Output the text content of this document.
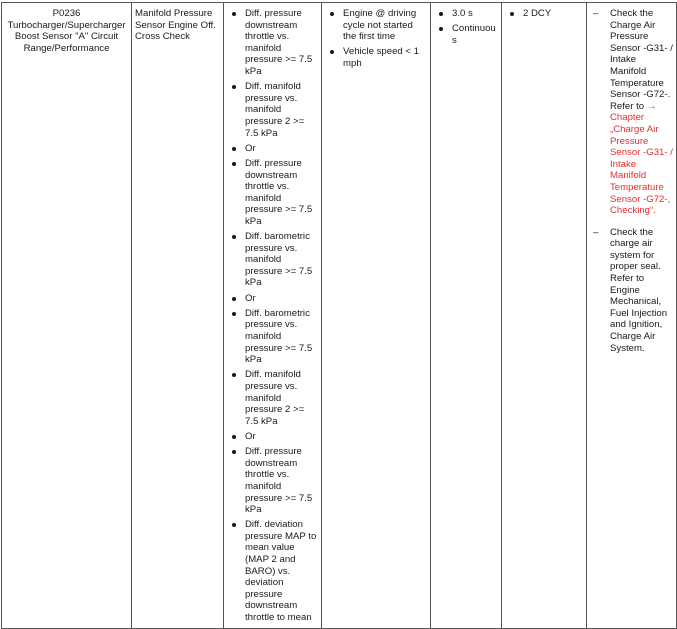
P0236
Turbocharger/Supercharger Boost Sensor "A" Circuit Range/Performance

Manifold Pressure Sensor Engine Off. Cross Check

Diff. pressure downstream throttle vs. manifold pressure >= 7.5 kPa
Diff. manifold pressure vs. manifold pressure 2 >= 7.5 kPa
Or
Diff. pressure downstream throttle vs. manifold pressure >= 7.5 kPa
Diff. barometric pressure vs. manifold pressure >= 7.5 kPa
Or
Diff. barometric pressure vs. manifold pressure >= 7.5 kPa
Diff. manifold pressure vs. manifold pressure 2 >= 7.5 kPa
Or
Diff. pressure downstream throttle vs. manifold pressure >= 7.5 kPa
Diff. deviation pressure MAP to mean value (MAP 2 and BARO) vs. deviation pressure downstream throttle to mean

Engine @ driving cycle not started the first time
Vehicle speed < 1 mph

3.0 s
Continuous

2 DCY

–Check the Charge Air Pressure Sensor -G31- / Intake Manifold Temperature Sensor -G72-. Refer to → Chapter „Charge Air Pressure Sensor -G31- / Intake Manifold Temperature Sensor -G72-, Checking“.
– Check the charge air system for proper seal. Refer to Engine Mechanical, Fuel Injection and Ignition, Charge Air System.
